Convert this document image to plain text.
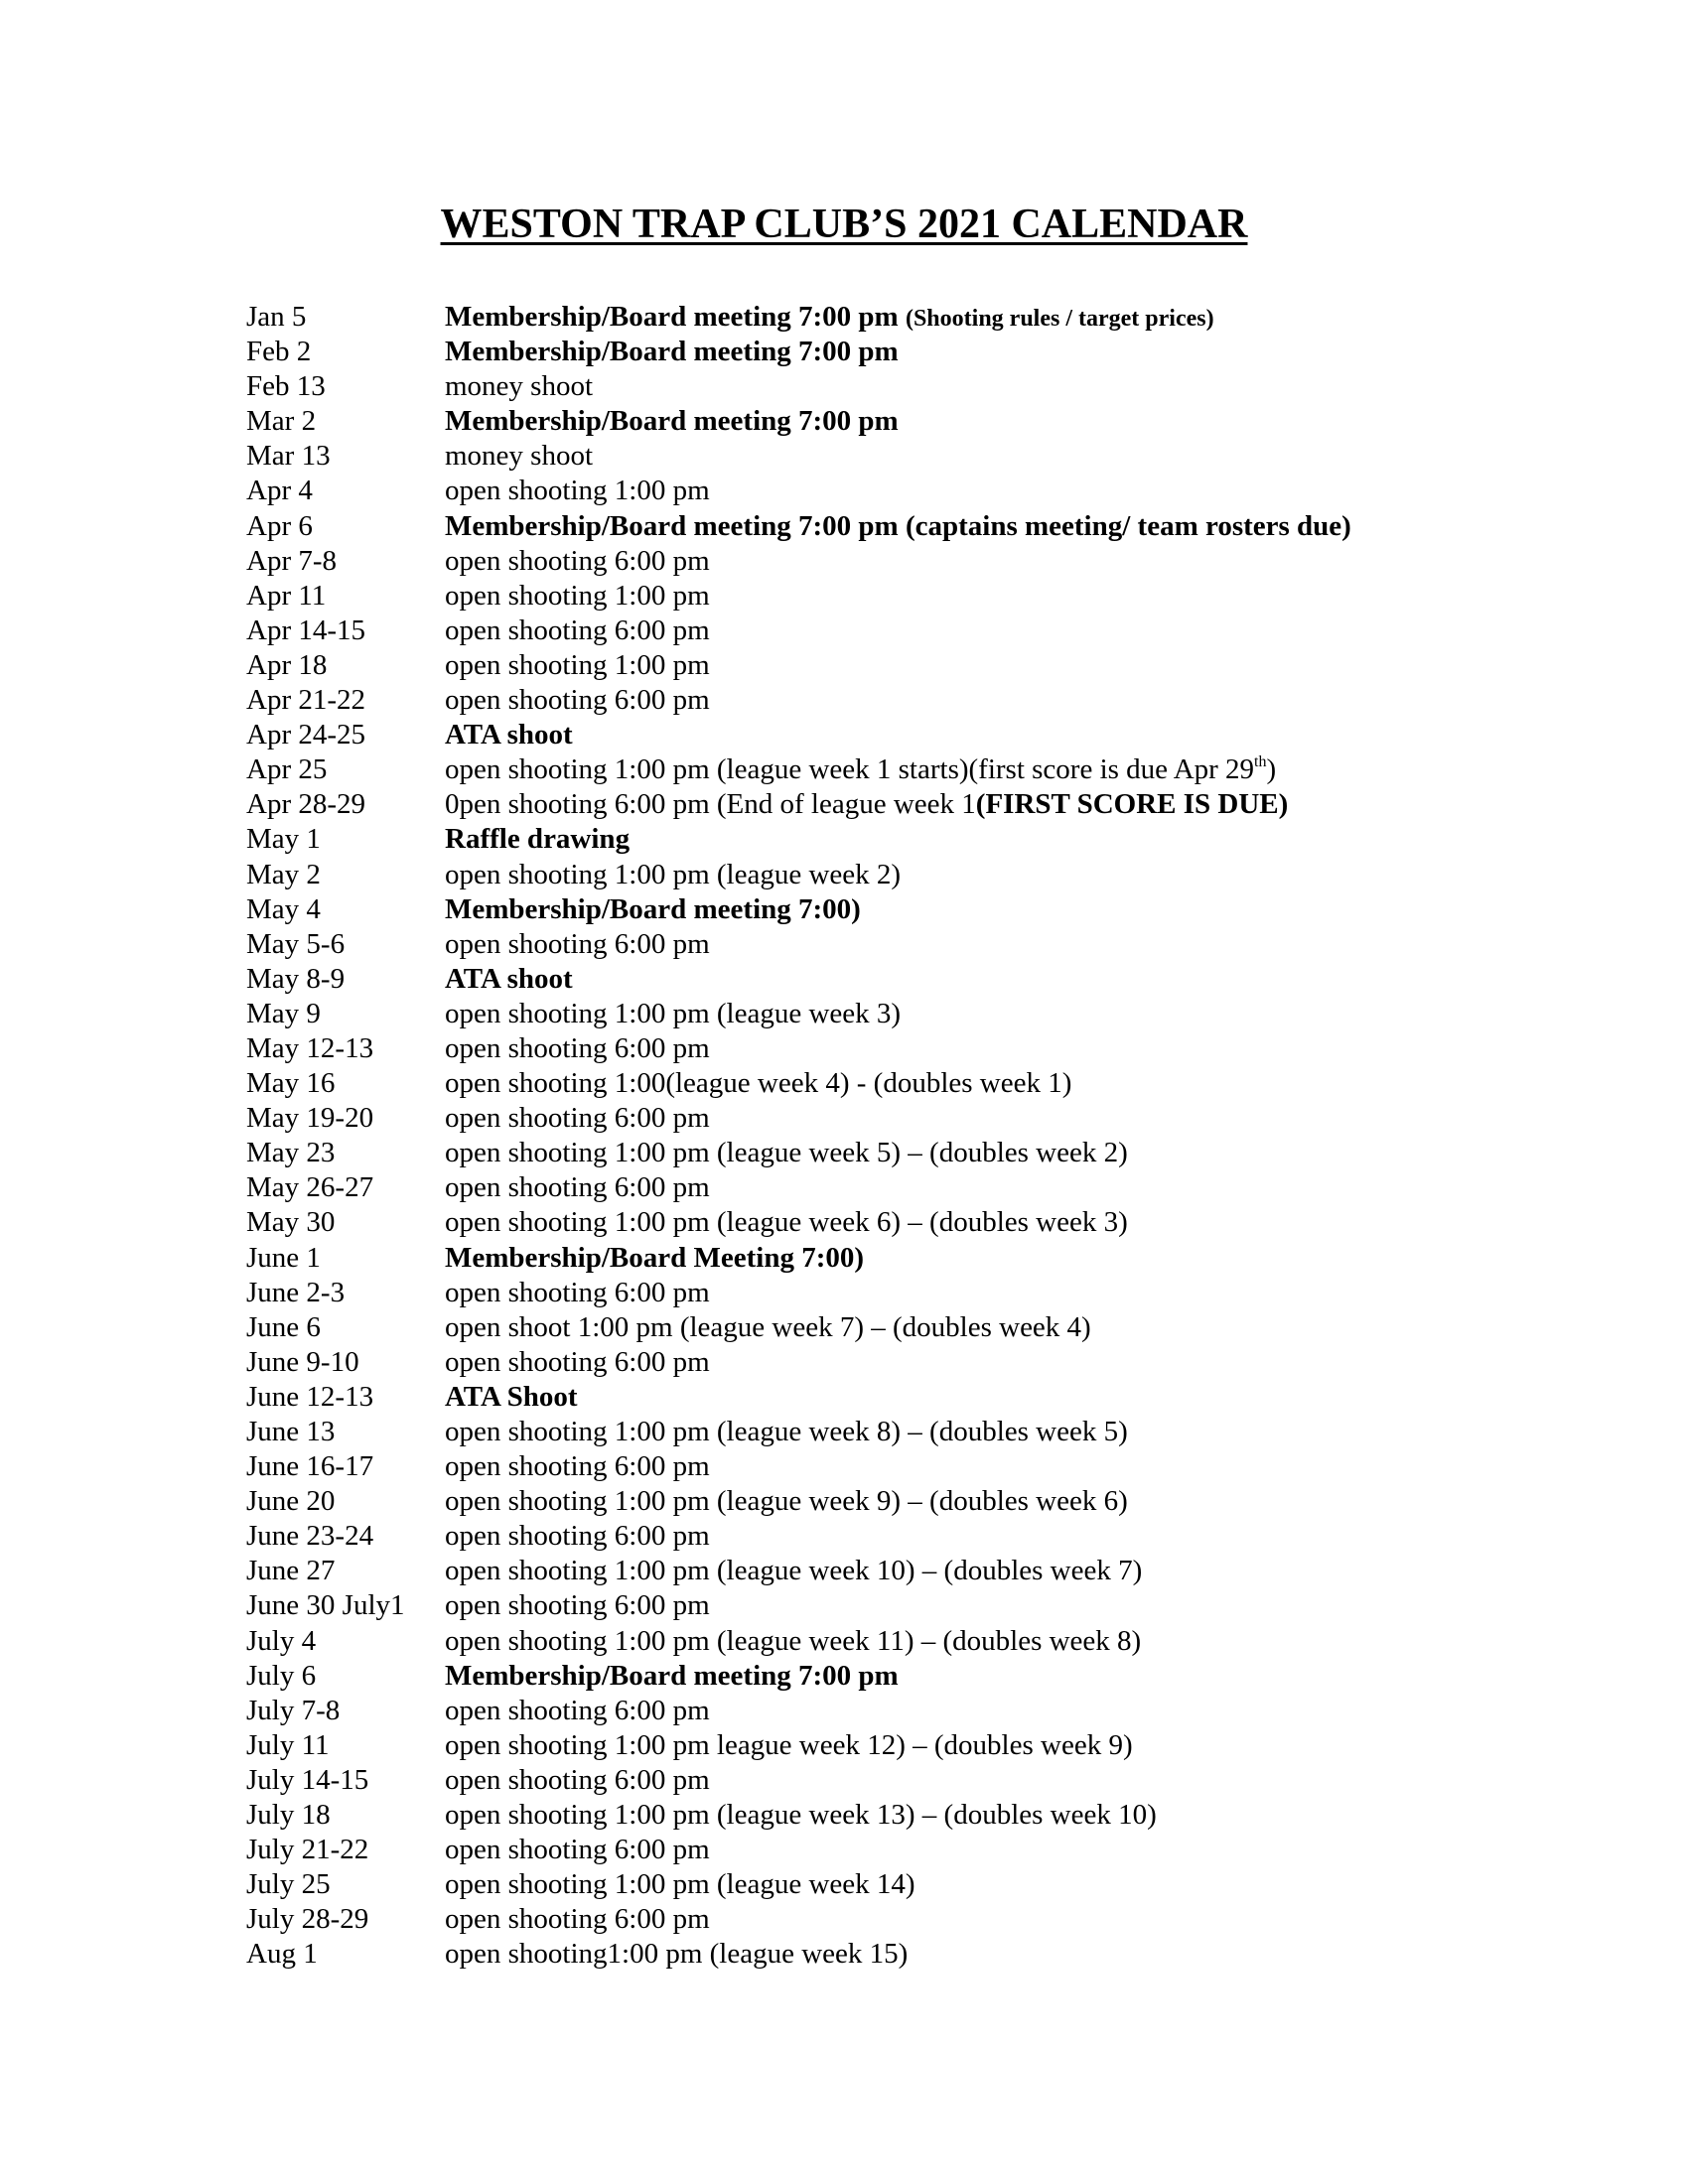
WESTON TRAP CLUB’S 2021 CALENDAR
Jan 5	Membership/Board meeting 7:00 pm (Shooting rules / target prices)
Feb 2	Membership/Board meeting 7:00 pm
Feb 13	money shoot
Mar 2	Membership/Board meeting 7:00 pm
Mar 13	money shoot
Apr 4	open shooting 1:00 pm
Apr 6	Membership/Board meeting 7:00 pm (captains meeting/ team rosters due)
Apr 7-8	open shooting 6:00 pm
Apr 11	open shooting 1:00 pm
Apr 14-15	open shooting 6:00 pm
Apr 18	open shooting 1:00 pm
Apr 21-22	open shooting 6:00 pm
Apr 24-25	ATA shoot
Apr 25	open shooting 1:00 pm (league week 1 starts)(first score is due Apr 29th)
Apr 28-29	0pen shooting 6:00 pm (End of league week 1(FIRST SCORE IS DUE)
May 1	Raffle drawing
May 2	open shooting 1:00 pm (league week 2)
May 4	Membership/Board meeting 7:00)
May 5-6	open shooting 6:00 pm
May 8-9	ATA shoot
May 9	open shooting 1:00 pm (league week 3)
May 12-13	open shooting 6:00 pm
May 16	open shooting 1:00(league week 4) - (doubles week 1)
May 19-20	open shooting 6:00 pm
May 23	open shooting 1:00 pm (league week 5) – (doubles week 2)
May 26-27	open shooting 6:00 pm
May 30	open shooting 1:00 pm (league week 6) – (doubles week 3)
June 1	Membership/Board Meeting 7:00)
June 2-3	open shooting 6:00 pm
June 6	open shoot 1:00 pm (league week 7) – (doubles week 4)
June 9-10	open shooting 6:00 pm
June 12-13	ATA Shoot
June 13	open shooting 1:00 pm (league week 8) – (doubles week 5)
June 16-17	open shooting 6:00 pm
June 20	open shooting 1:00 pm (league week 9) – (doubles week 6)
June 23-24	open shooting 6:00 pm
June 27	open shooting 1:00 pm (league week 10) – (doubles week 7)
June 30 July1	open shooting 6:00 pm
July 4	open shooting 1:00 pm (league week 11) – (doubles week 8)
July 6	Membership/Board meeting 7:00 pm
July 7-8	open shooting 6:00 pm
July 11	open shooting 1:00 pm league week 12) – (doubles week 9)
July 14-15	open shooting 6:00 pm
July 18	open shooting 1:00 pm (league week 13) – (doubles week 10)
July 21-22	open shooting 6:00 pm
July 25	open shooting 1:00 pm (league week 14)
July 28-29	open shooting 6:00 pm
Aug 1	open shooting1:00 pm (league week 15)
